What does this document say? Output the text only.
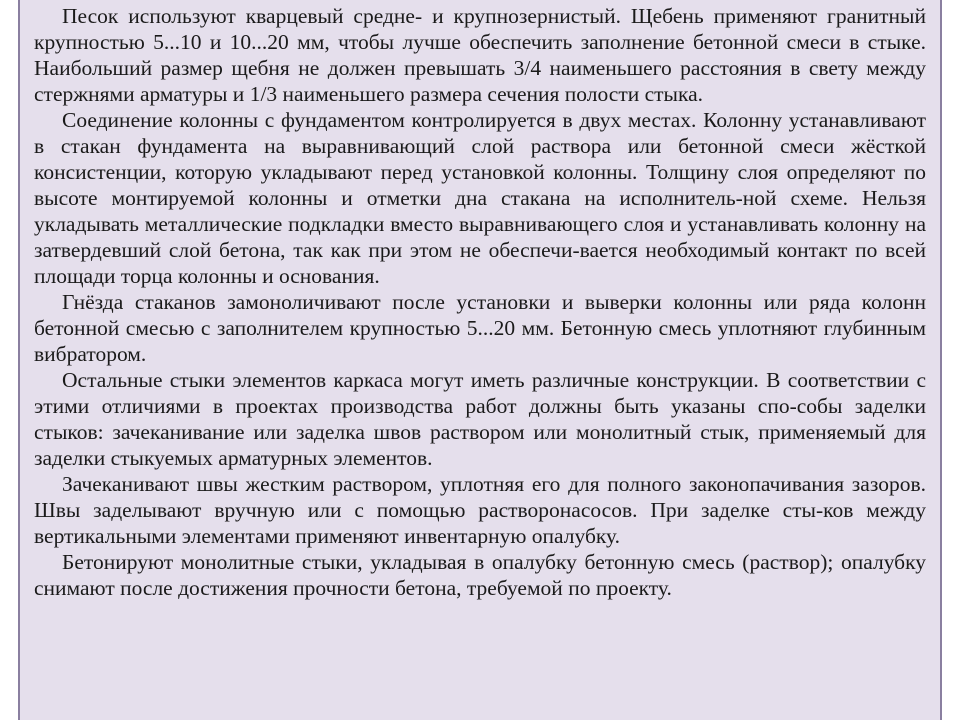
Песок используют кварцевый средне- и крупнозернистый. Щебень применяют гранитный крупностью 5...10 и 10...20 мм, чтобы лучше обеспечить заполнение бетонной смеси в стыке. Наибольший размер щебня не должен превышать 3/4 наименьшего расстояния в свету между стержнями арматуры и 1/3 наименьшего размера сечения полости стыка.

Соединение колонны с фундаментом контролируется в двух местах. Колонну устанавливают в стакан фундамента на выравнивающий слой раствора или бетонной смеси жёсткой консистенции, которую укладывают перед установкой колонны. Толщину слоя определяют по высоте монтируемой колонны и отметки дна стакана на исполнитель-ной схеме. Нельзя укладывать металлические подкладки вместо выравнивающего слоя и устанавливать колонну на затвердевший слой бетона, так как при этом не обеспечи-вается необходимый контакт по всей площади торца колонны и основания.

Гнёзда стаканов замоноличивают после установки и выверки колонны или ряда колонн бетонной смесью с заполнителем крупностью 5...20 мм. Бетонную смесь уплотняют глубинным вибратором.

Остальные стыки элементов каркаса могут иметь различные конструкции. В соответствии с этими отличиями в проектах производства работ должны быть указаны спо-собы заделки стыков: зачеканивание или заделка швов раствором или монолитный стык, применяемый для заделки стыкуемых арматурных элементов.

Зачеканивают швы жестким раствором, уплотняя его для полного законопачивания зазоров. Швы заделывают вручную или с помощью растворонасосов. При заделке сты-ков между вертикальными элементами применяют инвентарную опалубку.

Бетонируют монолитные стыки, укладывая в опалубку бетонную смесь (раствор); опалубку снимают после достижения прочности бетона, требуемой по проекту.
